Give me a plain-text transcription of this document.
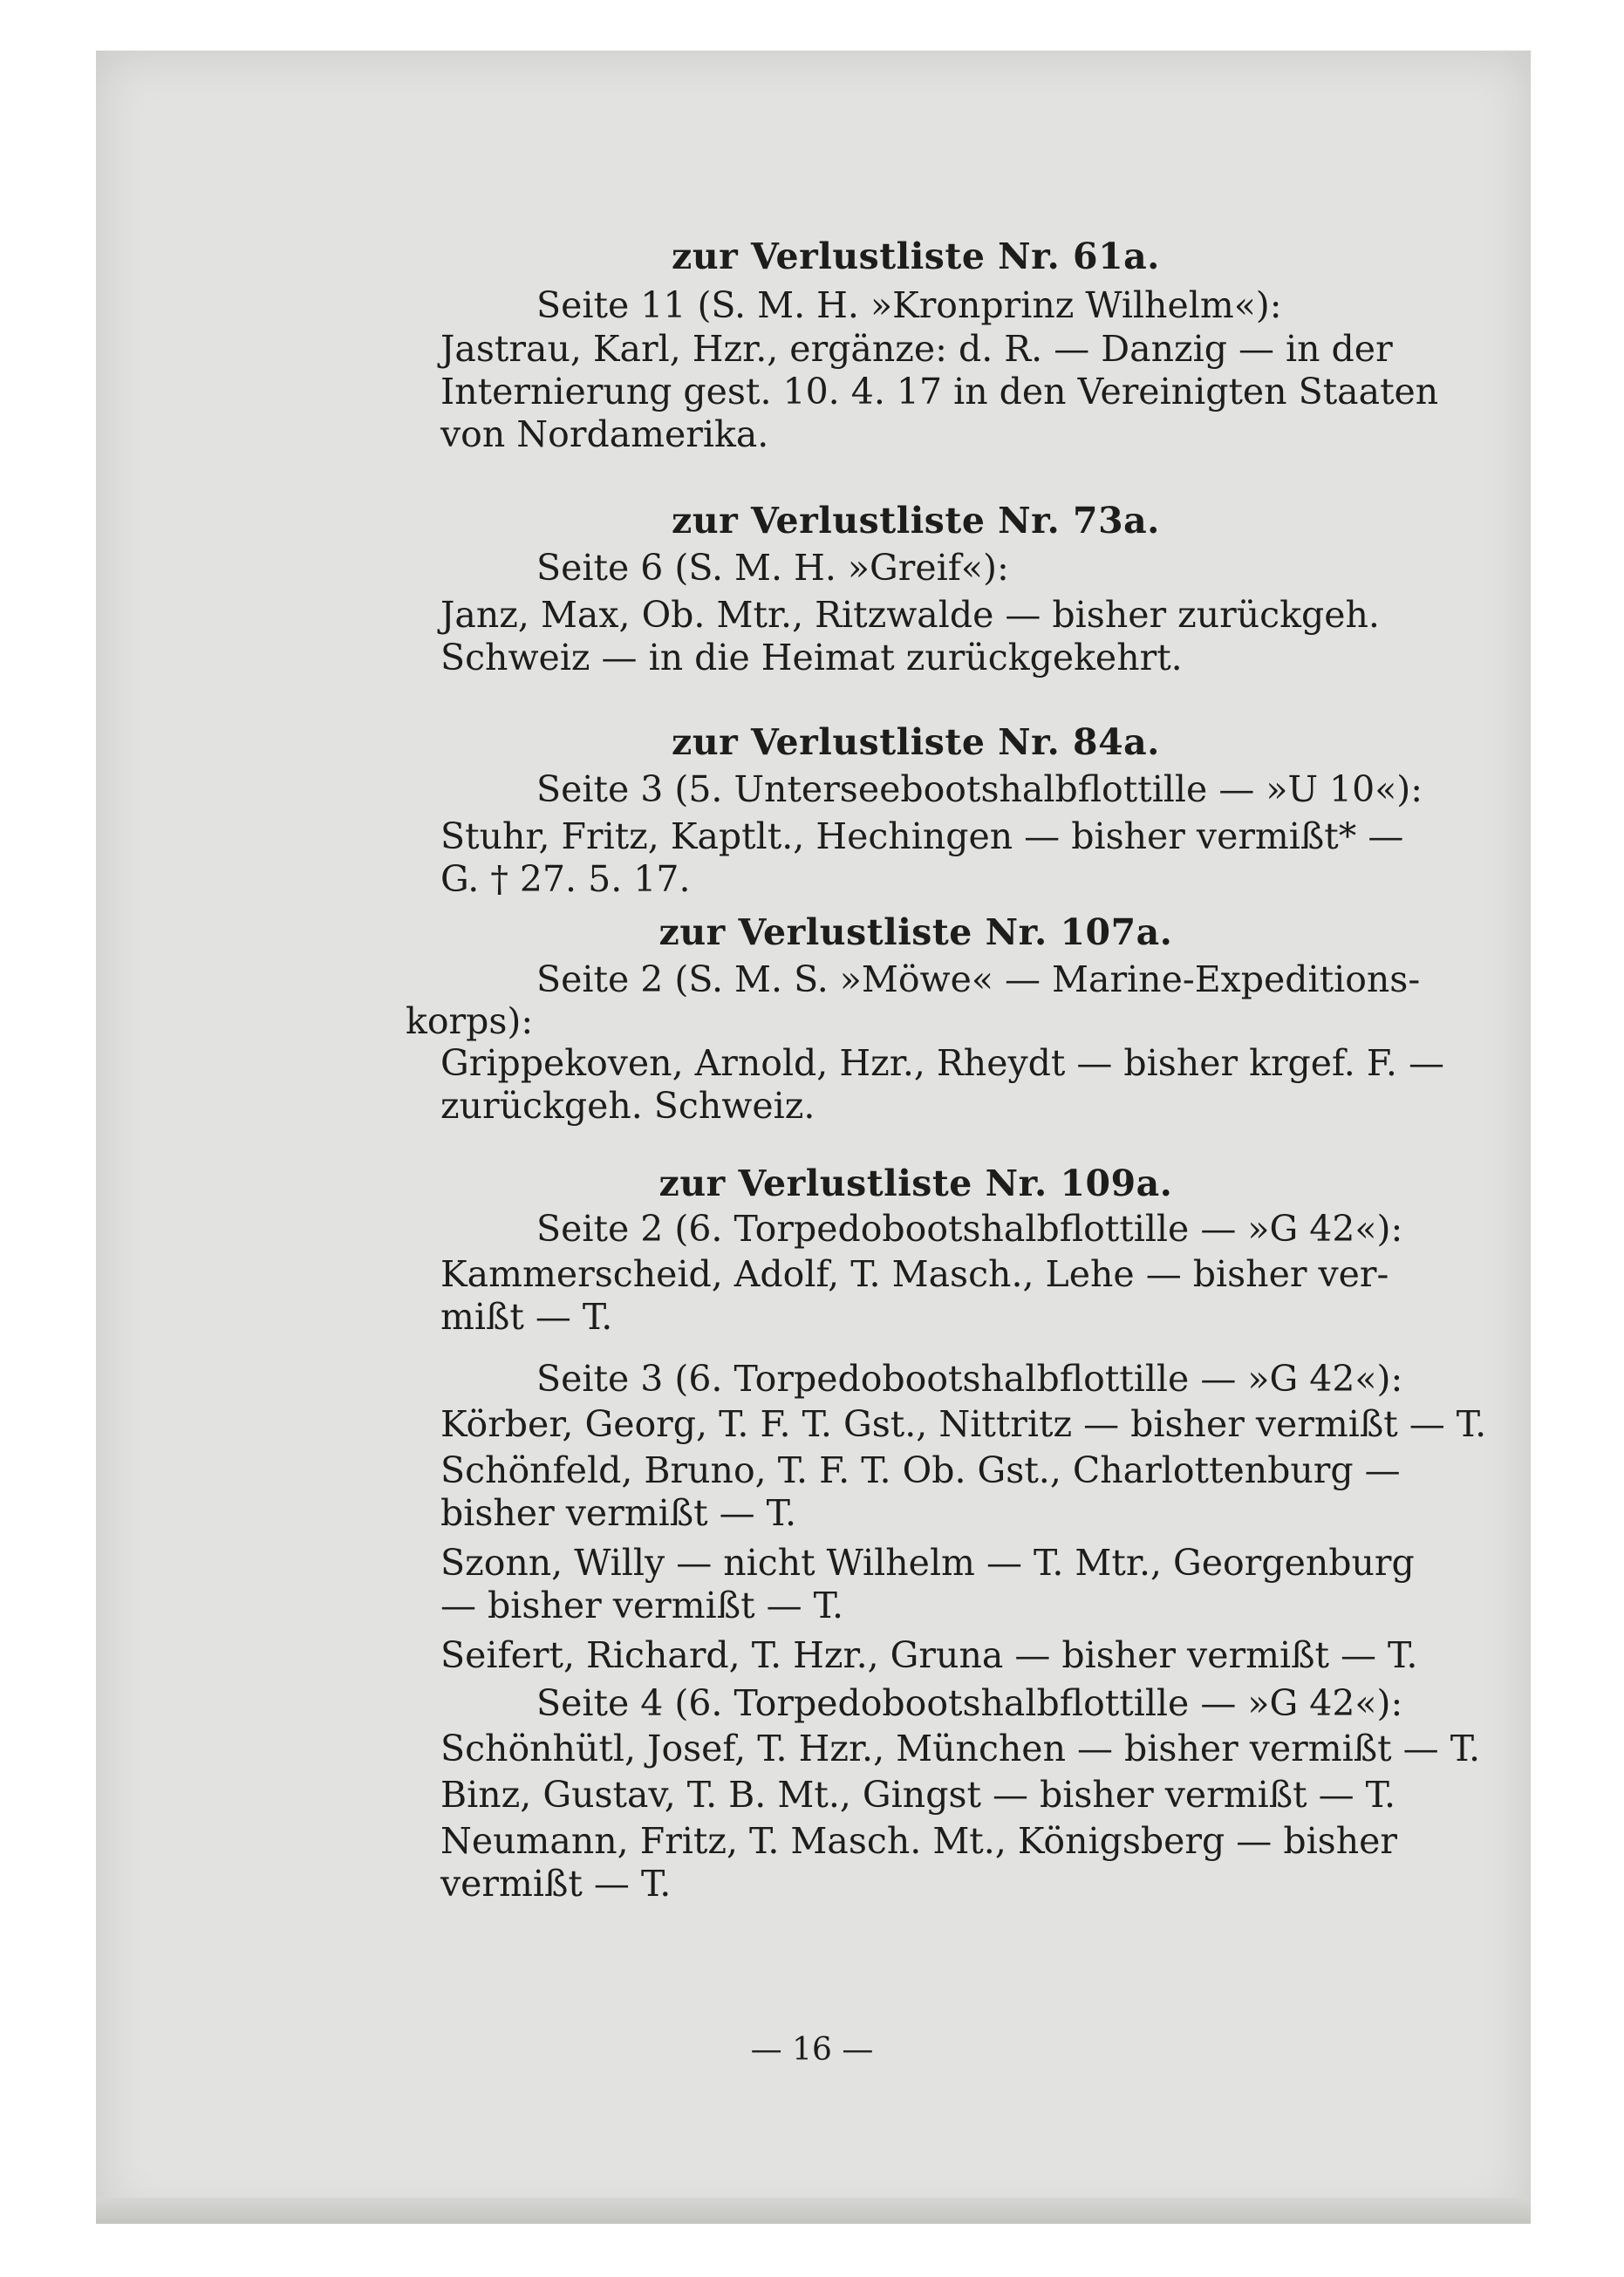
zur Verlustliste Nr. 61a.
Seite 11 (S. M. H. »Kronprinz Wilhelm«):
Jastrau, Karl, Hzr., ergänze: d. R. — Danzig — in der
Internierung gest. 10. 4. 17 in den Vereinigten Staaten
von Nordamerika.
zur Verlustliste Nr. 73a.
Seite 6 (S. M. H. »Greif«):
Janz, Max, Ob. Mtr., Ritzwalde — bisher zurückgeh.
Schweiz — in die Heimat zurückgekehrt.
zur Verlustliste Nr. 84a.
Seite 3 (5. Unterseebootshalbflottille — »U 10«):
Stuhr, Fritz, Kaptlt., Hechingen — bisher vermißt* —
G. † 27. 5. 17.
zur Verlustliste Nr. 107a.
Seite 2 (S. M. S. »Möwe« — Marine-Expeditions-
korps):
Grippekoven, Arnold, Hzr., Rheydt — bisher krgef. F. —
zurückgeh. Schweiz.
zur Verlustliste Nr. 109a.
Seite 2 (6. Torpedobootshalbflottille — »G 42«):
Kammerscheid, Adolf, T. Masch., Lehe — bisher ver-
mißt — T.
Seite 3 (6. Torpedobootshalbflottille — »G 42«):
Körber, Georg, T. F. T. Gst., Nittritz — bisher vermißt — T.
Schönfeld, Bruno, T. F. T. Ob. Gst., Charlottenburg —
bisher vermißt — T.
Szonn, Willy — nicht Wilhelm — T. Mtr., Georgenburg
— bisher vermißt — T.
Seifert, Richard, T. Hzr., Gruna — bisher vermißt — T.
Seite 4 (6. Torpedobootshalbflottille — »G 42«):
Schönhütl, Josef, T. Hzr., München — bisher vermißt — T.
Binz, Gustav, T. B. Mt., Gingst — bisher vermißt — T.
Neumann, Fritz, T. Masch. Mt., Königsberg — bisher
vermißt — T.
— 16 —
